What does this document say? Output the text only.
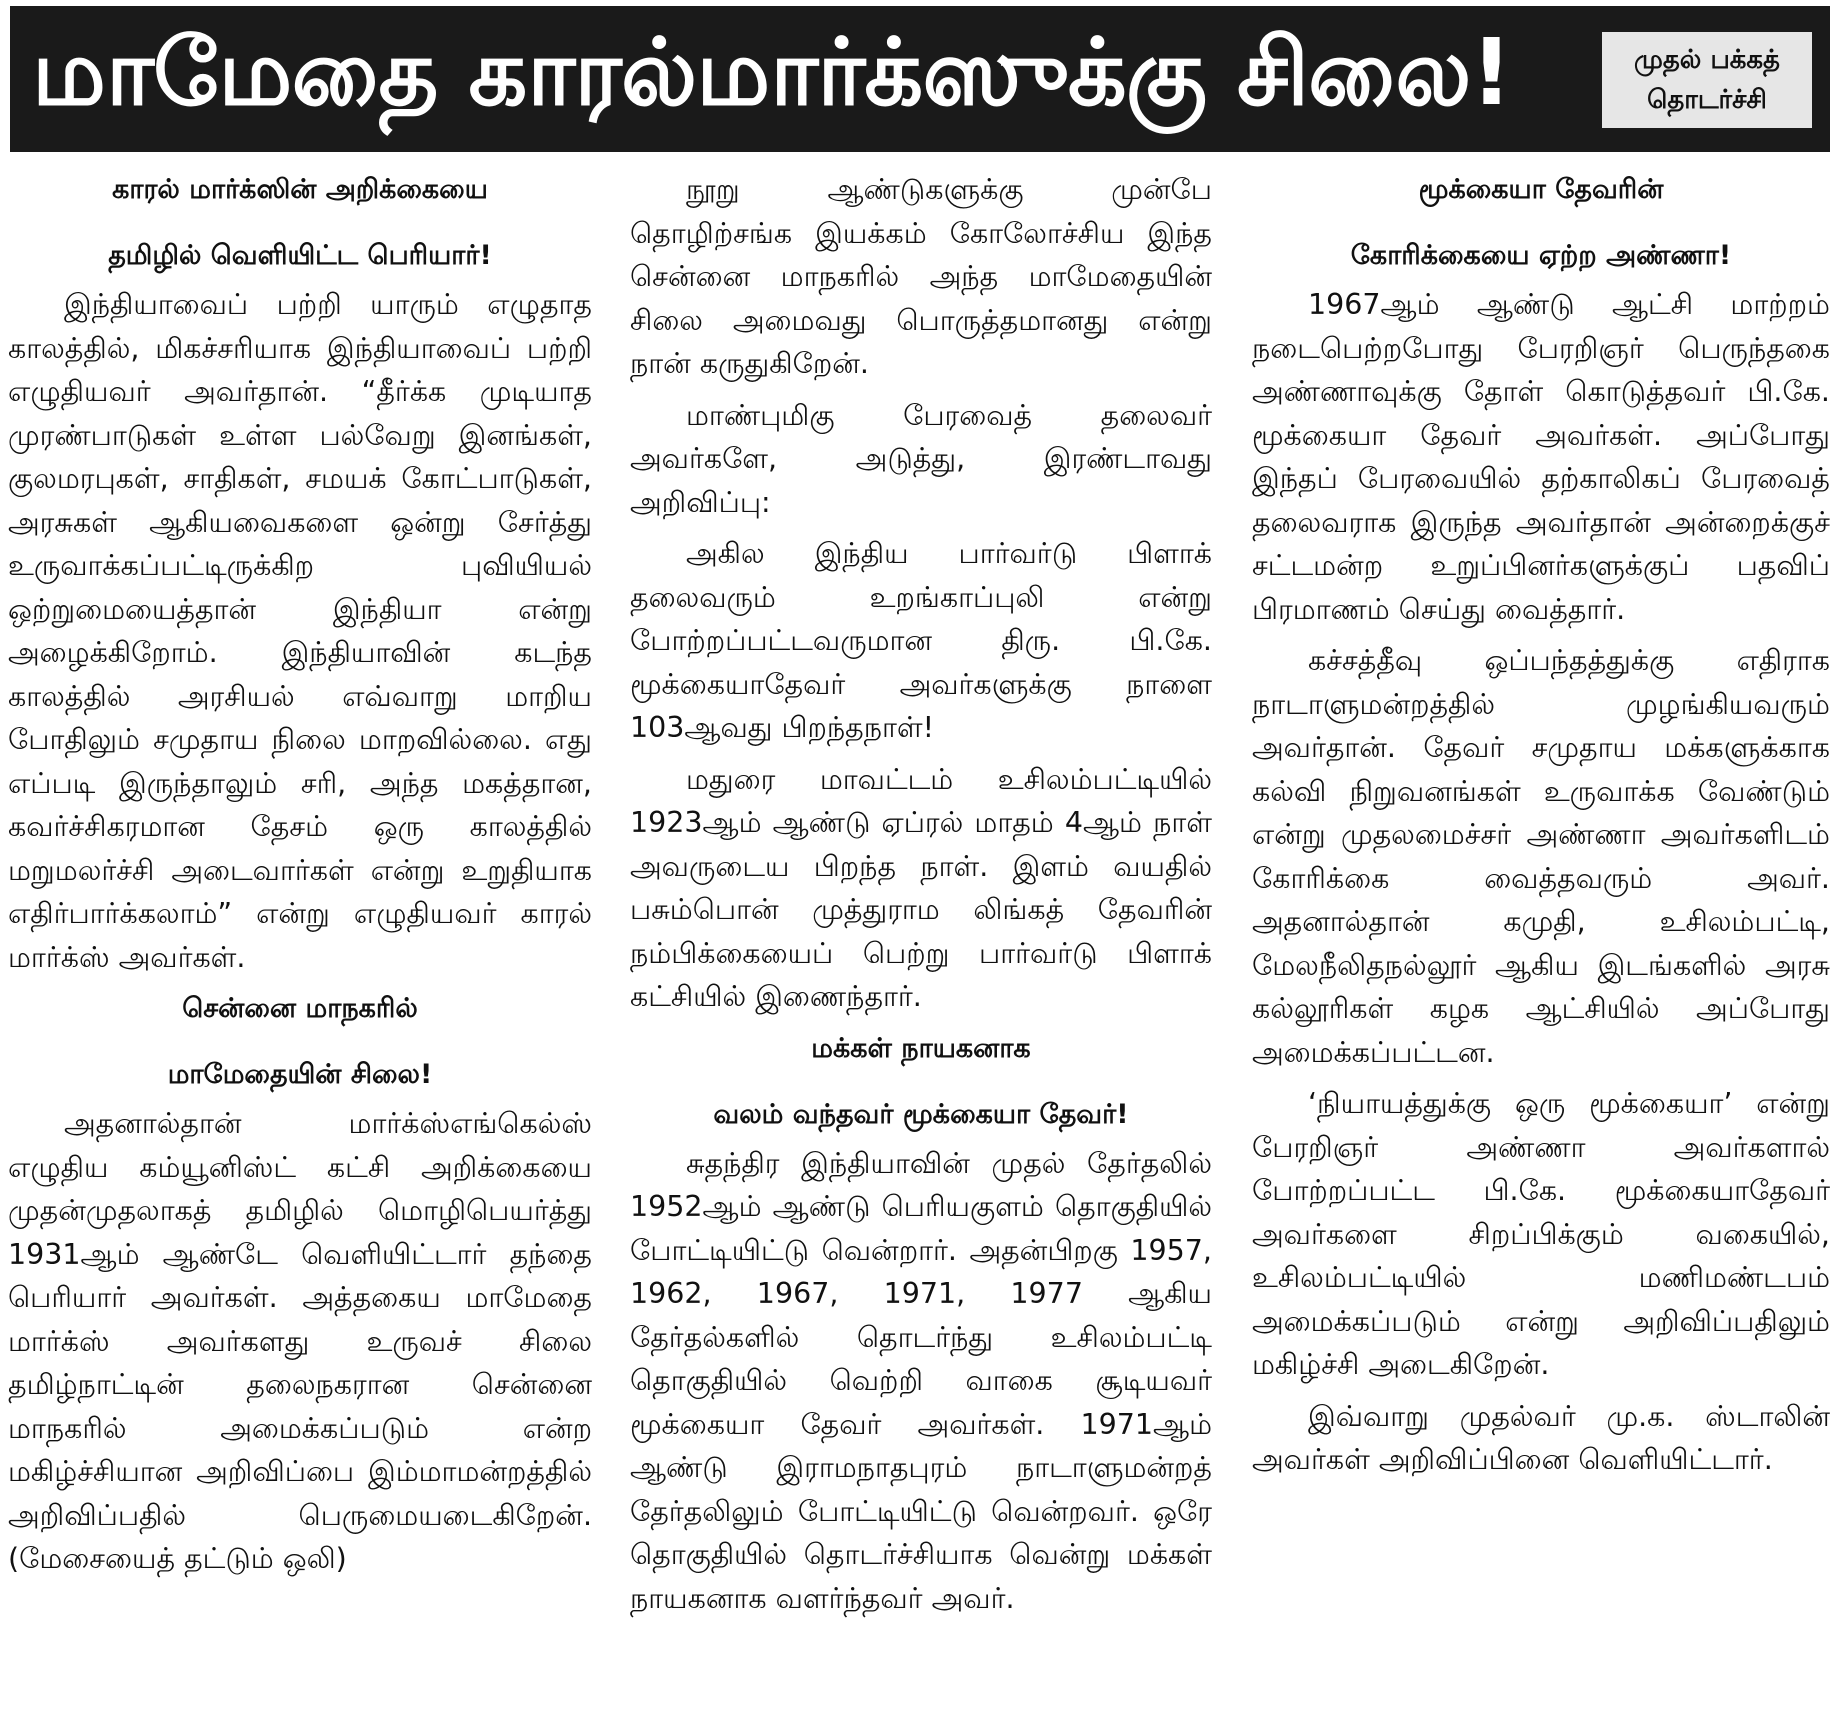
மாமேதை காரல்மார்க்ஸுக்கு சிலை!	முதல் பக்கத்
தொடர்ச்சி
காரல் மார்க்ஸின் அறிக்கையை
தமிழில் வெளியிட்ட பெரியார்!

இந்தியாவைப் பற்றி யாரும் எழுதாத காலத்தில், மிகச்சரியாக இந்தியாவைப் பற்றி எழுதியவர் அவர்தான். “தீர்க்க முடியாத முரண்பாடுகள் உள்ள பல்வேறு இனங்கள், குலமரபுகள், சாதிகள், சமயக் கோட்பாடுகள், அரசுகள் ஆகியவைகளை ஒன்று சேர்த்து உருவாக்கப்பட்டிருக்கிற புவியியல் ஒற்றுமையைத்தான் இந்தியா என்று அழைக்கிறோம். இந்தியாவின் கடந்த காலத்தில் அரசியல் எவ்வாறு மாறிய போதிலும் சமுதாய நிலை மாறவில்லை. எது எப்படி இருந்தாலும் சரி, அந்த மகத்தான, கவர்ச்சிகரமான தேசம் ஒரு காலத்தில் மறுமலர்ச்சி அடைவார்கள் என்று உறுதியாக எதிர்பார்க்கலாம்” என்று எழுதியவர் காரல் மார்க்ஸ் அவர்கள்.

சென்னை மாநகரில்
மாமேதையின் சிலை!

அதனால்தான் மார்க்ஸ்எங்கெல்ஸ் எழுதிய கம்யூனிஸ்ட் கட்சி அறிக்கையை முதன்முதலாகத் தமிழில் மொழிபெயர்த்து 1931ஆம் ஆண்டே வெளியிட்டார் தந்தை பெரியார் அவர்கள். அத்தகைய மாமேதை மார்க்ஸ் அவர்களது உருவச் சிலை தமிழ்நாட்டின் தலைநகரான சென்னை மாநகரில் அமைக்கப்படும் என்ற மகிழ்ச்சியான அறிவிப்பை இம்மாமன்றத்தில் அறிவிப்பதில் பெருமையடைகிறேன். (மேசையைத் தட்டும் ஒலி)

நூறு ஆண்டுகளுக்கு முன்பே தொழிற்சங்க இயக்கம் கோலோச்சிய இந்த சென்னை மாநகரில் அந்த மாமேதையின் சிலை அமைவது பொருத்தமானது என்று நான் கருதுகிறேன்.

மாண்புமிகு பேரவைத் தலைவர் அவர்களே, அடுத்து, இரண்டாவது அறிவிப்பு:

அகில இந்திய பார்வர்டு பிளாக் தலைவரும் உறங்காப்புலி என்று போற்றப்பட்டவருமான திரு. பி.கே. மூக்கையாதேவர் அவர்களுக்கு நாளை 103ஆவது பிறந்தநாள்!

மதுரை மாவட்டம் உசிலம்பட்டியில் 1923ஆம் ஆண்டு ஏப்ரல் மாதம் 4ஆம் நாள் அவருடைய பிறந்த நாள். இளம் வயதில் பசும்பொன் முத்துராம லிங்கத் தேவரின் நம்பிக்கையைப் பெற்று பார்வர்டு பிளாக் கட்சியில் இணைந்தார்.

மக்கள் நாயகனாக
வலம் வந்தவர் மூக்கையா தேவர்!

சுதந்திர இந்தியாவின் முதல் தேர்தலில் 1952ஆம் ஆண்டு பெரியகுளம் தொகுதியில் போட்டியிட்டு வென்றார். அதன்பிறகு 1957, 1962, 1967, 1971, 1977 ஆகிய தேர்தல்களில் தொடர்ந்து உசிலம்பட்டி தொகுதியில் வெற்றி வாகை சூடியவர் மூக்கையா தேவர் அவர்கள். 1971ஆம் ஆண்டு இராமநாதபுரம் நாடாளுமன்றத் தேர்தலிலும் போட்டியிட்டு வென்றவர். ஒரே தொகுதியில் தொடர்ச்சியாக வென்று மக்கள் நாயகனாக வளர்ந்தவர் அவர்.

மூக்கையா தேவரின்
கோரிக்கையை ஏற்ற அண்ணா!

1967ஆம் ஆண்டு ஆட்சி மாற்றம் நடைபெற்றபோது பேரறிஞர் பெருந்தகை அண்ணாவுக்கு தோள் கொடுத்தவர் பி.கே. மூக்கையா தேவர் அவர்கள். அப்போது இந்தப் பேரவையில் தற்காலிகப் பேரவைத் தலைவராக இருந்த அவர்தான் அன்றைக்குச் சட்டமன்ற உறுப்பினர்களுக்குப் பதவிப் பிரமாணம் செய்து வைத்தார்.

கச்சத்தீவு ஒப்பந்தத்துக்கு எதிராக நாடாளுமன்றத்தில் முழங்கியவரும் அவர்தான். தேவர் சமுதாய மக்களுக்காக கல்வி நிறுவனங்கள் உருவாக்க வேண்டும் என்று முதலமைச்சர் அண்ணா அவர்களிடம் கோரிக்கை வைத்தவரும் அவர். அதனால்தான் கமுதி, உசிலம்பட்டி, மேலநீலிதநல்லூர் ஆகிய இடங்களில் அரசு கல்லூரிகள் கழக ஆட்சியில் அப்போது அமைக்கப்பட்டன.

‘நியாயத்துக்கு ஒரு மூக்கையா’ என்று பேரறிஞர் அண்ணா அவர்களால் போற்றப்பட்ட பி.கே. மூக்கையாதேவர் அவர்களை சிறப்பிக்கும் வகையில், உசிலம்பட்டியில் மணிமண்டபம் அமைக்கப்படும் என்று அறிவிப்பதிலும் மகிழ்ச்சி அடைகிறேன்.

இவ்வாறு முதல்வர் மு.க. ஸ்டாலின் அவர்கள் அறிவிப்பினை வெளியிட்டார்.
